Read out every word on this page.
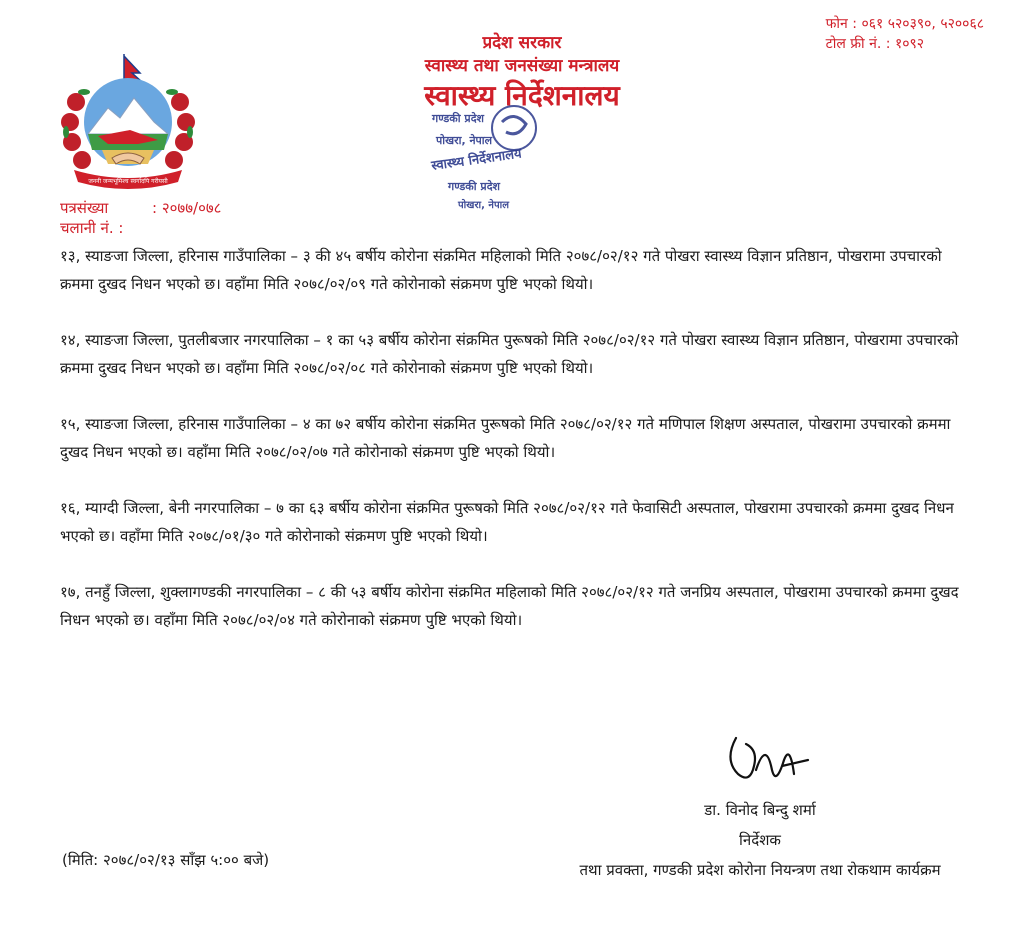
जननी जन्मभूमिश्च स्वर्गादपि गरीयसी
फोन : ०६१ ५२०३९०, ५२००६८
टोल फ्री नं. : १०९२
प्रदेश सरकार
स्वास्थ्य तथा जनसंख्या मन्त्रालय
स्वास्थ्य निर्देशनालय
गण्डकी प्रदेश
पोखरा, नेपाल
स्वास्थ्य निर्देशनालय
गण्डकी प्रदेश
पोखरा, नेपाल
पत्रसंख्या	: २०७७/०७८
चलानी नं. :

१३, स्याङजा जिल्ला, हरिनास गाउँपालिका – ३ की ४५ बर्षीय कोरोना संक्रमित महिलाको मिति २०७८/०२/१२ गते पोखरा स्वास्थ्य विज्ञान प्रतिष्ठान, पोखरामा उपचारको क्रममा दुखद निधन भएको छ। वहाँमा मिति २०७८/०२/०९ गते कोरोनाको संक्रमण पुष्टि भएको थियो।

१४, स्याङजा जिल्ला, पुतलीबजार नगरपालिका – १ का ५३ बर्षीय कोरोना संक्रमित पुरूषको मिति २०७८/०२/१२ गते पोखरा स्वास्थ्य विज्ञान प्रतिष्ठान, पोखरामा उपचारको क्रममा दुखद निधन भएको छ। वहाँमा मिति २०७८/०२/०८ गते कोरोनाको संक्रमण पुष्टि भएको थियो।

१५, स्याङजा जिल्ला, हरिनास गाउँपालिका – ४ का ७२ बर्षीय कोरोना संक्रमित पुरूषको मिति २०७८/०२/१२ गते मणिपाल शिक्षण अस्पताल, पोखरामा उपचारको क्रममा दुखद निधन भएको छ। वहाँमा मिति २०७८/०२/०७ गते कोरोनाको संक्रमण पुष्टि भएको थियो।

१६, म्याग्दी जिल्ला, बेनी नगरपालिका – ७ का ६३ बर्षीय कोरोना संक्रमित पुरूषको मिति २०७८/०२/१२ गते फेवासिटी अस्पताल, पोखरामा उपचारको क्रममा दुखद निधन भएको छ। वहाँमा मिति २०७८/०१/३० गते कोरोनाको संक्रमण पुष्टि भएको थियो।

१७, तनहुँ जिल्ला, शुक्लागण्डकी नगरपालिका – ८ की ५३ बर्षीय कोरोना संक्रमित महिलाको मिति २०७८/०२/१२ गते जनप्रिय अस्पताल, पोखरामा उपचारको क्रममा दुखद निधन भएको छ। वहाँमा मिति २०७८/०२/०४ गते कोरोनाको संक्रमण पुष्टि भएको थियो।

डा. विनोद बिन्दु शर्मा
निर्देशक
तथा प्रवक्ता, गण्डकी प्रदेश कोरोना नियन्त्रण तथा रोकथाम कार्यक्रम
(मिति: २०७८/०२/१३ साँझ ५:०० बजे)
